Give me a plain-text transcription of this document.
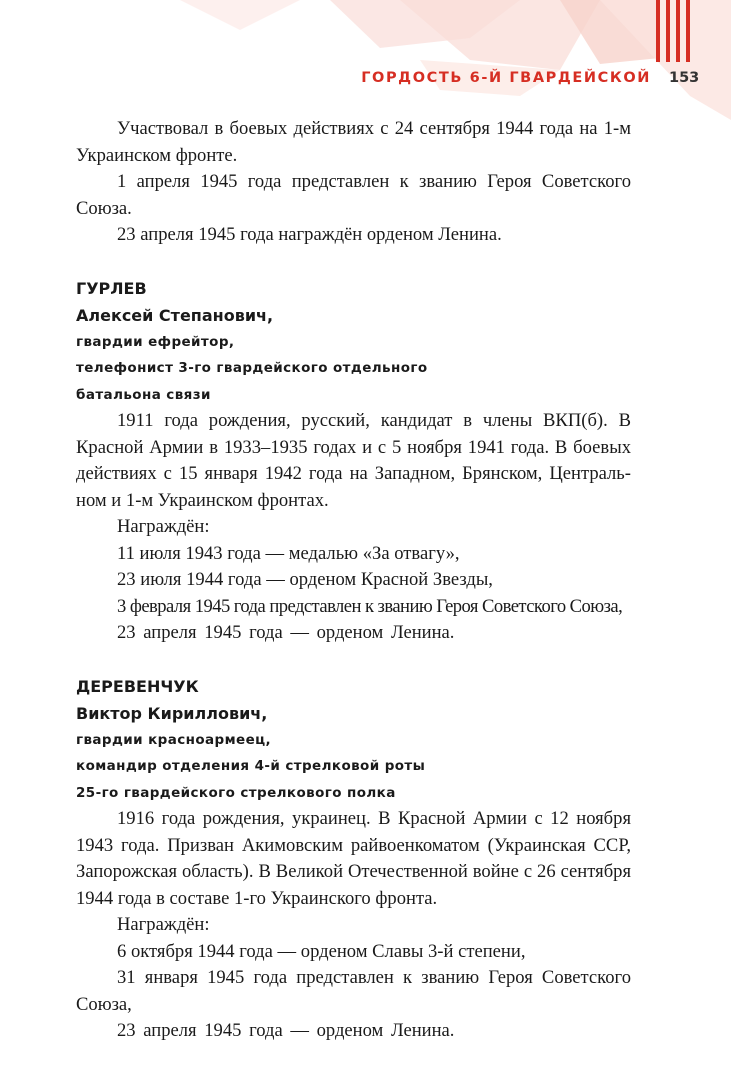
ГОРДОСТЬ 6-Й ГВАРДЕЙСКОЙ 153

Участвовал в боевых действиях с 24 сентября 1944 года на 1-м Украинском фронте.

1 апреля 1945 года представлен к званию Героя Советского Союза.

23 апреля 1945 года награждён орденом Ленина.

ГУРЛЕВ
Алексей Степанович,
гвардии ефрейтор,
телефонист 3-го гвардейского отдельного
батальона связи

1911 года рождения, русский, кандидат в члены ВКП(б). В Красной Армии в 1933–1935 годах и с 5 ноября 1941 года. В боевых действиях с 15 января 1942 года на Западном, Брянском, Центральном и 1-м Украинском фронтах.

Награждён:

11 июля 1943 года — медалью «За отвагу»,

23 июля 1944 года — орденом Красной Звезды,

3 февраля 1945 года представлен к званию Героя Советского Союза,

23 апреля 1945 года — орденом Ленина.

ДЕРЕВЕНЧУК
Виктор Кириллович,
гвардии красноармеец,
командир отделения 4-й стрелковой роты
25-го гвардейского стрелкового полка

1916 года рождения, украинец. В Красной Армии с 12 ноября 1943 года. Призван Акимовским райвоенкоматом (Украинская ССР, Запорожская область). В Великой Отечественной войне с 26 сентября 1944 года в составе 1-го Украинского фронта.

Награждён:

6 октября 1944 года — орденом Славы 3-й степени,

31 января 1945 года представлен к званию Героя Советского Союза,

23 апреля 1945 года — орденом Ленина.
